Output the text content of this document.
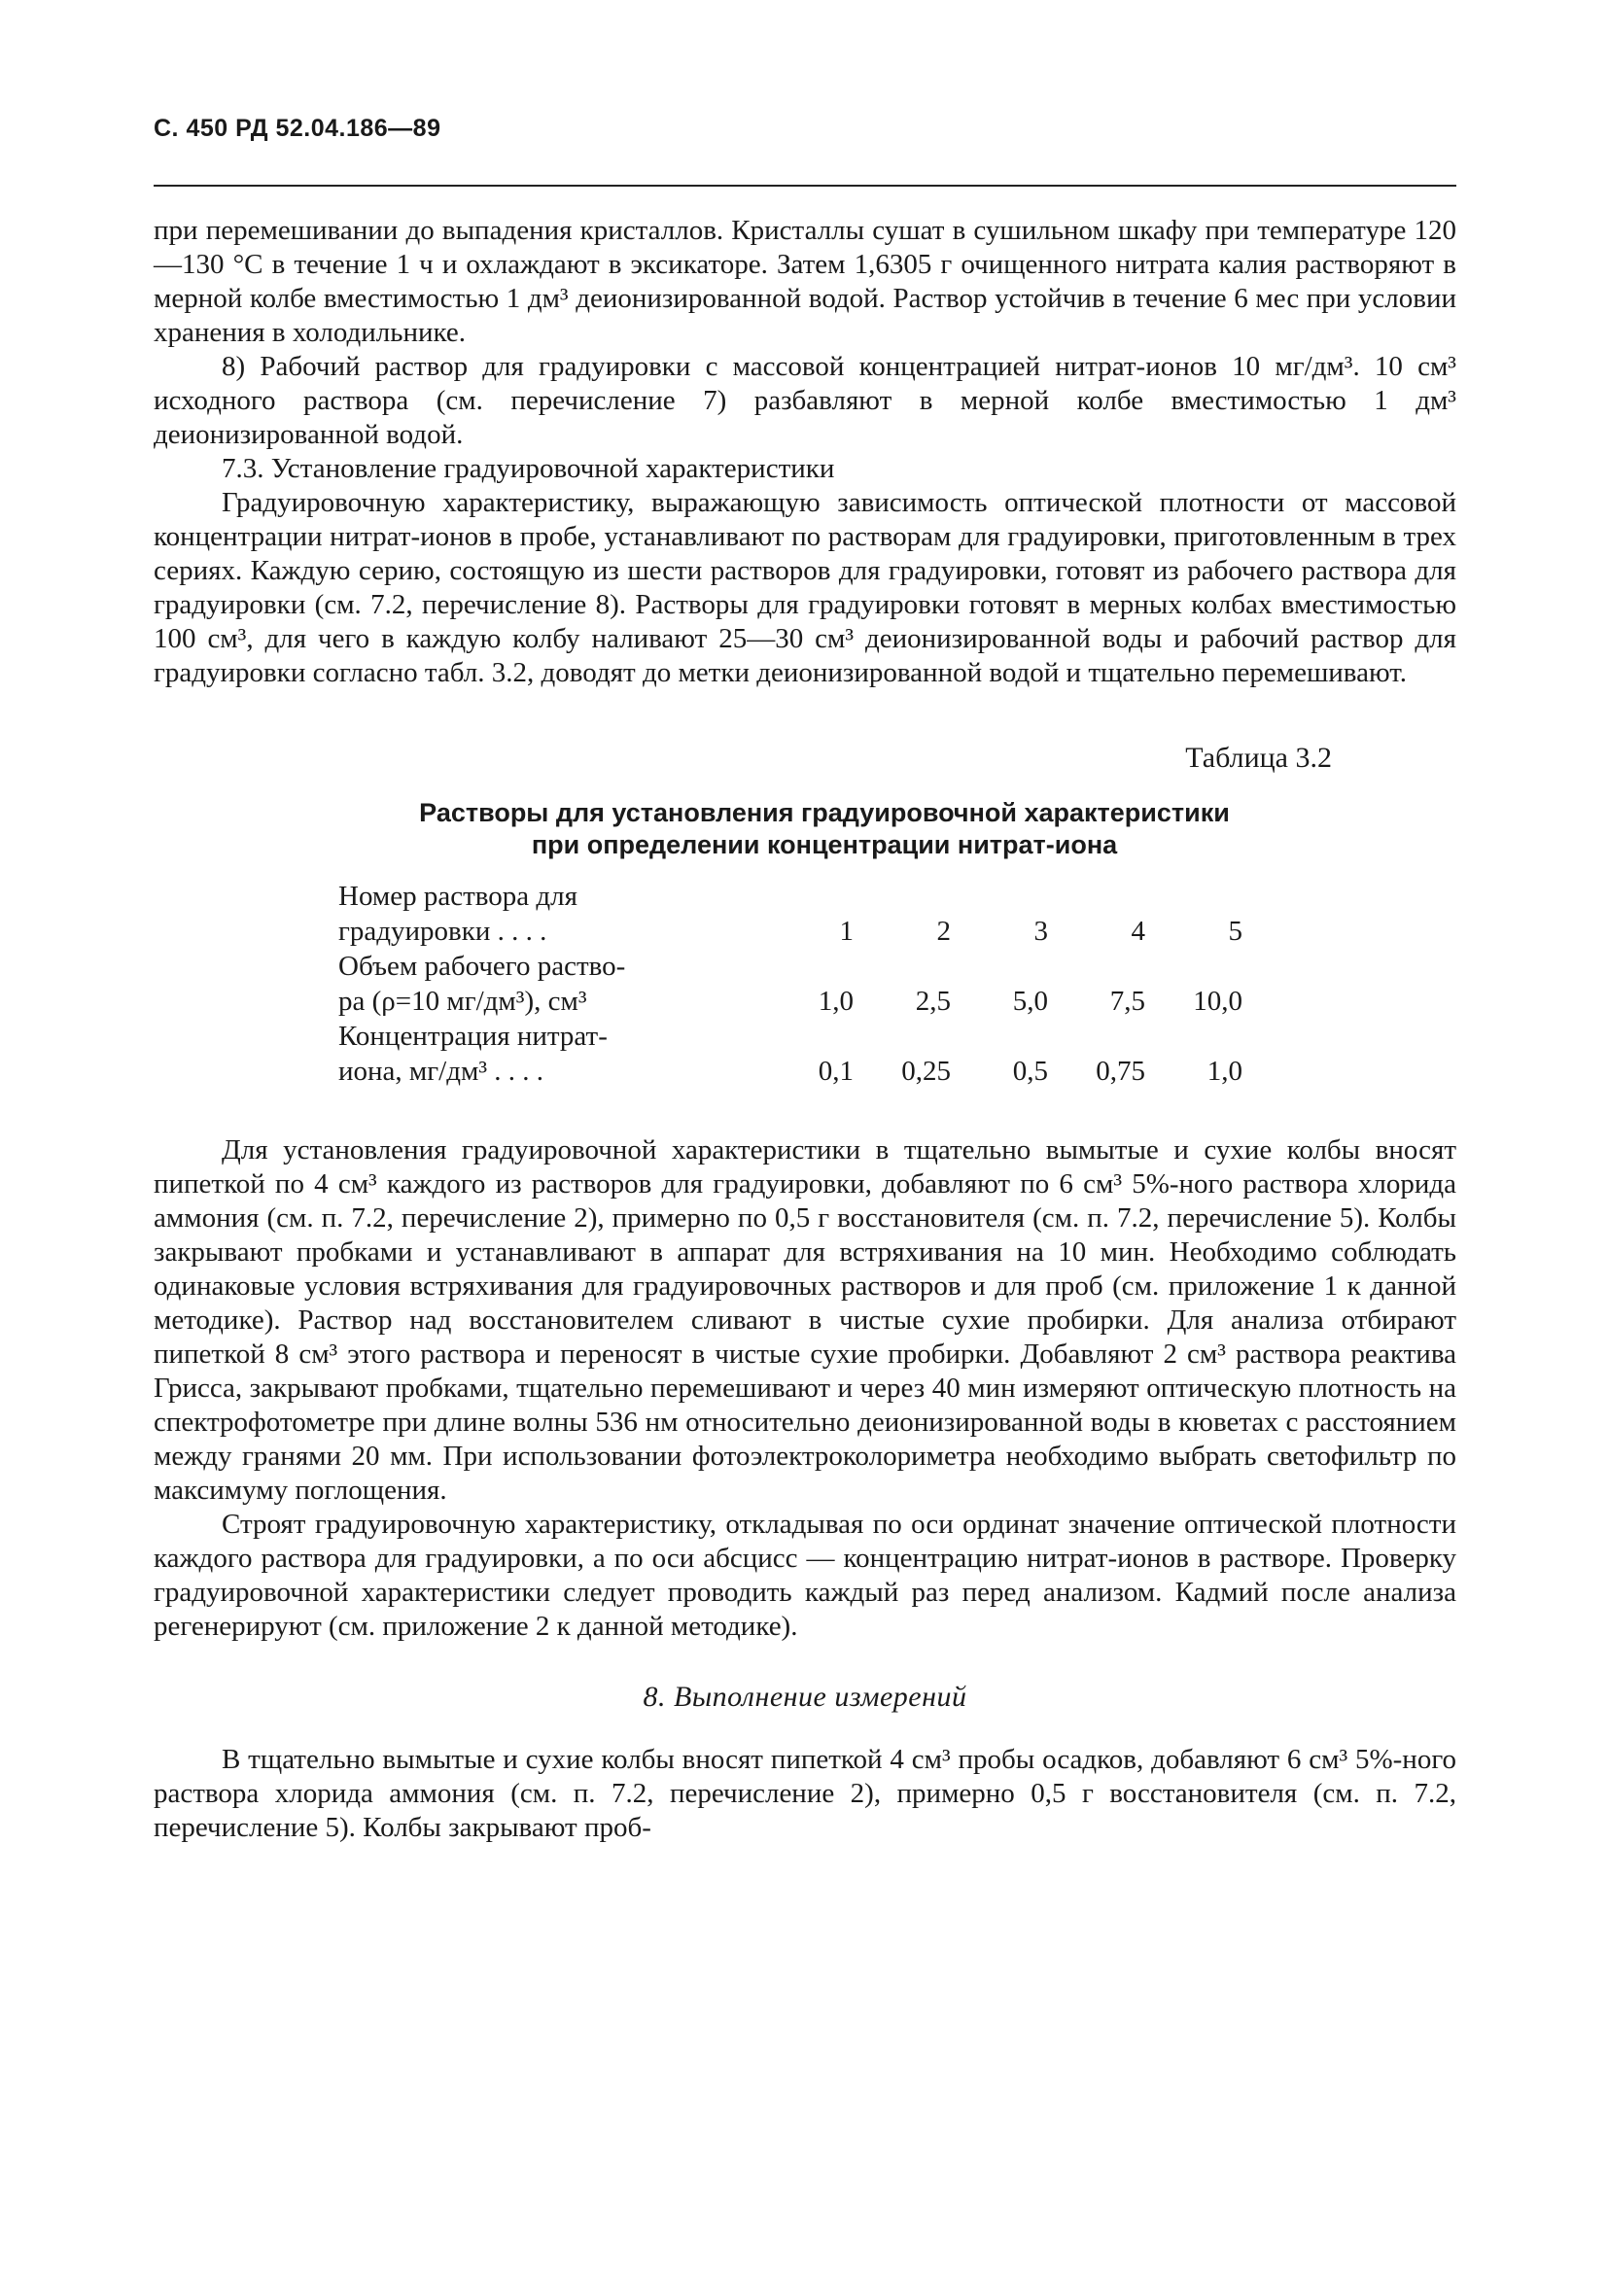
С. 450 РД 52.04.186—89

при перемешивании до выпадения кристаллов. Кристаллы сушат в сушильном шкафу при температуре 120—130 °С в течение 1 ч и охлаждают в эксикаторе. Затем 1,6305 г очищенного нитрата калия растворяют в мерной колбе вместимостью 1 дм³ деионизированной водой. Раствор устойчив в течение 6 мес при условии хранения в холодильнике.

8) Рабочий раствор для градуировки с массовой концентрацией нитрат-ионов 10 мг/дм³. 10 см³ исходного раствора (см. перечисление 7) разбавляют в мерной колбе вместимостью 1 дм³ деионизированной водой.

7.3. Установление градуировочной характеристики

Градуировочную характеристику, выражающую зависимость оптической плотности от массовой концентрации нитрат-ионов в пробе, устанавливают по растворам для градуировки, приготовленным в трех сериях. Каждую серию, состоящую из шести растворов для градуировки, готовят из рабочего раствора для градуировки (см. 7.2, перечисление 8). Растворы для градуировки готовят в мерных колбах вместимостью 100 см³, для чего в каждую колбу наливают 25—30 см³ деионизированной воды и рабочий раствор для градуировки согласно табл. 3.2, доводят до метки деионизированной водой и тщательно перемешивают.

Таблица 3.2
Растворы для установления градуировочной характеристики при определении концентрации нитрат-иона
Номер раствора для					
градуировки . . . .	1	2	3	4	5
Объем рабочего раство-					
ра (ρ=10 мг/дм³), см³	1,0	2,5	5,0	7,5	10,0
Концентрация нитрат-					
иона, мг/дм³ . . . .	0,1	0,25	0,5	0,75	1,0

Для установления градуировочной характеристики в тщательно вымытые и сухие колбы вносят пипеткой по 4 см³ каждого из растворов для градуировки, добавляют по 6 см³ 5%-ного раствора хлорида аммония (см. п. 7.2, перечисление 2), примерно по 0,5 г восстановителя (см. п. 7.2, перечисление 5). Колбы закрывают пробками и устанавливают в аппарат для встряхивания на 10 мин. Необходимо соблюдать одинаковые условия встряхивания для градуировочных растворов и для проб (см. приложение 1 к данной методике). Раствор над восстановителем сливают в чистые сухие пробирки. Для анализа отбирают пипеткой 8 см³ этого раствора и переносят в чистые сухие пробирки. Добавляют 2 см³ раствора реактива Грисса, закрывают пробками, тщательно перемешивают и через 40 мин измеряют оптическую плотность на спектрофотометре при длине волны 536 нм относительно деионизированной воды в кюветах с расстоянием между гранями 20 мм. При использовании фотоэлектроколориметра необходимо выбрать светофильтр по максимуму поглощения.

Строят градуировочную характеристику, откладывая по оси ординат значение оптической плотности каждого раствора для градуировки, а по оси абсцисс — концентрацию нитрат-ионов в растворе. Проверку градуировочной характеристики следует проводить каждый раз перед анализом. Кадмий после анализа регенерируют (см. приложение 2 к данной методике).

8. Выполнение измерений

В тщательно вымытые и сухие колбы вносят пипеткой 4 см³ пробы осадков, добавляют 6 см³ 5%-ного раствора хлорида аммония (см. п. 7.2, перечисление 2), примерно 0,5 г восстановителя (см. п. 7.2, перечисление 5). Колбы закрывают проб-
